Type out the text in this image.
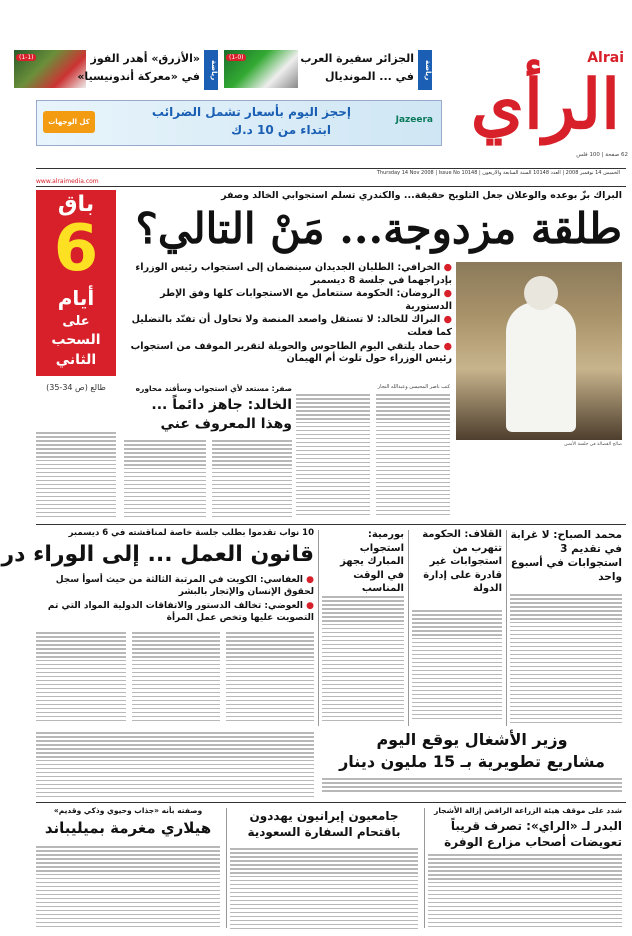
Alrai
الرأي
62 صفحة | 100 فلس
(1-1)	«الأزرق» أهدر الفوز
في «معركة أندونيسيا»	رياضة
(1-0)	الجزائر سفيرة العرب
في ... المونديال	رياضة
كل الوجهات
إحجز اليوم بأسعار تشمل الضرائب
ابتداء من 10 د.ك
Jazeera
Thursday 14 Nov 2008 | Issue No 10148 | الخميس 14 نوفمبر 2008 | العدد 10148 السنة السابعة والاربعون
www.alraimedia.com
باق
6
أيام
على
السحب
الثاني
طالع (ص 34-35)
البراك بزّ بوعده والوعلان جعل التلويح حقيقة... والكندري تسلم استجوابي الخالد وصفر
طلقة مزدوجة... مَنْ التالي؟
صالح الفضالة في جلسة الأمس
● الخرافي: الطلبان الجديدان سينضمان إلى استجواب رئيس الوزراء بإدراجهما في جلسة 8 ديسمبر
● الروضان: الحكومة ستتعامل مع الاستجوابات كلها وفق الإطر الدستورية
● البراك للخالد: لا تستقل واصعد المنصة ولا تحاول أن تفنّد بالتضليل كما فعلت
● حماد يلتقي اليوم الطاحوس والحويلة لتقرير الموقف من استجواب رئيس الوزراء حول تلوث أم الهيمان
كتب ناصر المحيسن وعبدالله النجار
صفر: مستعد لأي استجواب وسأفند محاوره
الخالد: جاهز دائماً ... وهذا المعروف عني
محمد الصباح: لا غرابة في تقديم 3 استجوابات في أسبوع واحد
القلاف: الحكومة تتهرب من استجوابات غير قادرة على إدارة الدولة
بورمية: استجواب المبارك يجهز في الوقت المناسب
10 نواب تقدموا بطلب جلسة خاصة لمناقشته في 6 ديسمبر
قانون العمل ... إلى الوراء در
● العفاسي: الكويت في المرتبة الثالثة من حيث أسوأ سجل لحقوق الإنسان والإتجار بالبشر
● العوضي: تخالف الدستور والاتفاقات الدولية المواد التي تم التصويت عليها وتخص عمل المرأة
وزير الأشغال يوقع اليوم
مشاريع تطويرية بـ 15 مليون دينار
شدد على موقف هيئة الزراعة الرافض إزالة الأشجار
البدر لـ «الراي»: تصرف قريباً تعويضات أصحاب مزارع الوفرة
جامعيون إيرانيون يهددون باقتحام السفارة السعودية
وصفته بأنه «جذاب وحيوي وذكي وقديم»
هيلاري مغرمة بميليباند
